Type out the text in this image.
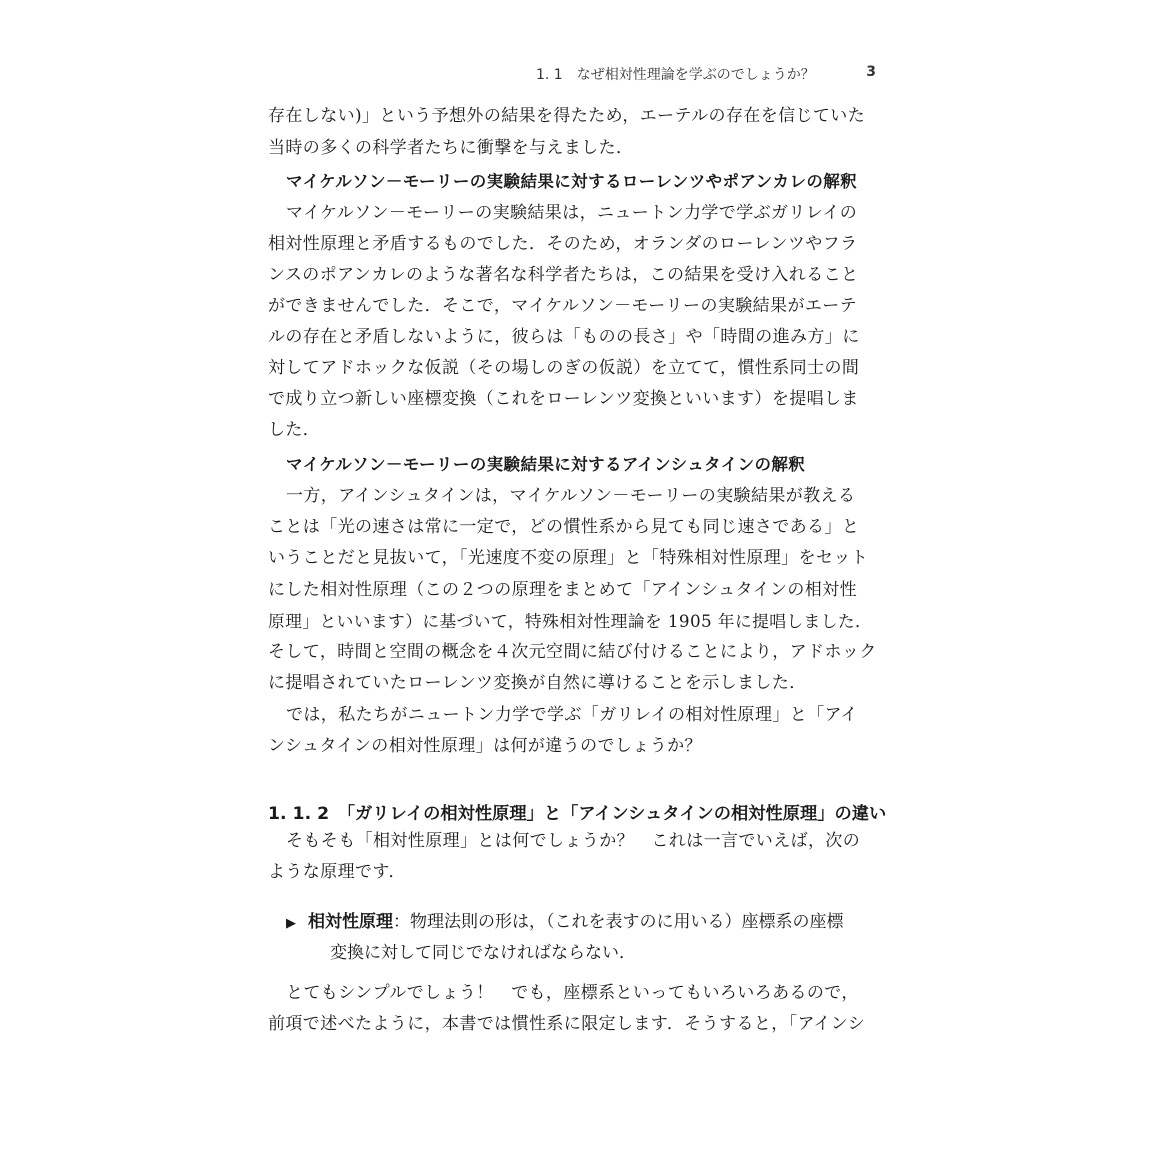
1. 1　なぜ相対性理論を学ぶのでしょうか？	3
存在しない)」という予想外の結果を得たため，エーテルの存在を信じていた
当時の多くの科学者たちに衝撃を与えました．
マイケルソン－モーリーの実験結果に対するローレンツやポアンカレの解釈
マイケルソン－モーリーの実験結果は，ニュートン力学で学ぶガリレイの
相対性原理と矛盾するものでした．そのため，オランダのローレンツやフラ
ンスのポアンカレのような著名な科学者たちは，この結果を受け入れること
ができませんでした．そこで，マイケルソン－モーリーの実験結果がエーテ
ルの存在と矛盾しないように，彼らは「ものの長さ」や「時間の進み方」に
対してアドホックな仮説（その場しのぎの仮説）を立てて，慣性系同士の間
で成り立つ新しい座標変換（これをローレンツ変換といいます）を提唱しま
した．
マイケルソン－モーリーの実験結果に対するアインシュタインの解釈
一方，アインシュタインは，マイケルソン－モーリーの実験結果が教える
ことは「光の速さは常に一定で，どの慣性系から見ても同じ速さである」と
いうことだと見抜いて，「光速度不変の原理」と「特殊相対性原理」をセット
にした相対性原理（この２つの原理をまとめて「アインシュタインの相対性
原理」といいます）に基づいて，特殊相対性理論を 1905 年に提唱しました．
そして，時間と空間の概念を４次元空間に結び付けることにより，アドホック
に提唱されていたローレンツ変換が自然に導けることを示しました．
では，私たちがニュートン力学で学ぶ「ガリレイの相対性原理」と「アイ
ンシュタインの相対性原理」は何が違うのでしょうか？
1. 1. 2　「ガリレイの相対性原理」と「アインシュタインの相対性原理」の違い
そもそも「相対性原理」とは何でしょうか？　これは一言でいえば，次の
ような原理です．
▶ 相対性原理：物理法則の形は，（これを表すのに用いる）座標系の座標
変換に対して同じでなければならない．
とてもシンプルでしょう！　でも，座標系といってもいろいろあるので，
前項で述べたように，本書では慣性系に限定します．そうすると，「アインシ
